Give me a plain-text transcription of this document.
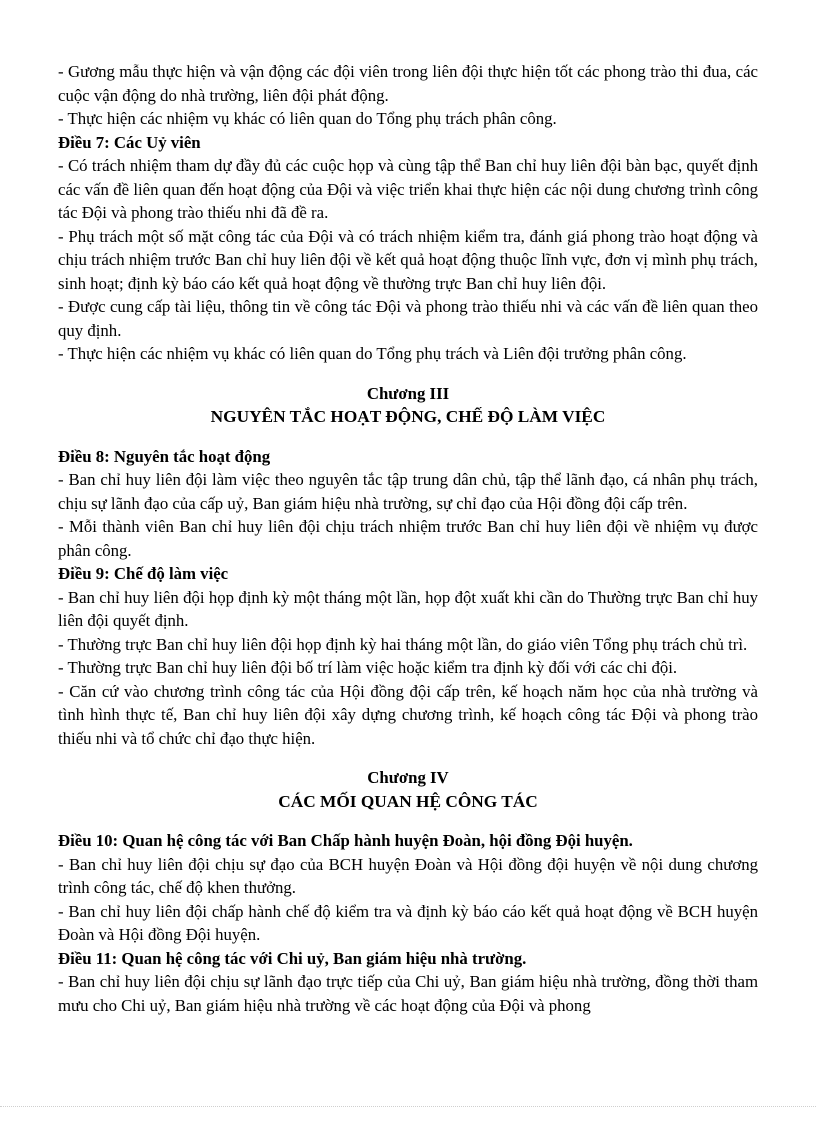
- Gương mẫu thực hiện và vận động các đội viên trong liên đội thực hiện tốt các phong trào thi đua, các cuộc vận động do nhà trường, liên đội phát động.

- Thực hiện các nhiệm vụ khác có liên quan do Tổng phụ trách phân công.

Điều 7: Các Uỷ viên

- Có trách nhiệm tham dự đầy đủ các cuộc họp và cùng tập thể Ban chỉ huy liên đội bàn bạc, quyết định các vấn đề liên quan đến hoạt động của Đội và việc triển khai thực hiện các nội dung chương trình công tác Đội và phong trào thiếu nhi đã đề ra.

- Phụ trách một số mặt công tác của Đội và có trách nhiệm kiểm tra, đánh giá phong trào hoạt động và chịu trách nhiệm trước Ban chỉ huy liên đội về kết quả hoạt động thuộc lĩnh vực, đơn vị mình phụ trách, sinh hoạt; định kỳ báo cáo kết quả hoạt động về thường trực Ban chỉ huy liên đội.

- Được cung cấp tài liệu, thông tin về công tác Đội và phong trào thiếu nhi và các vấn đề liên quan theo quy định.

- Thực hiện các nhiệm vụ khác có liên quan do Tổng phụ trách và Liên đội trưởng phân công.

Chương III

NGUYÊN TẮC HOẠT ĐỘNG, CHẾ ĐỘ LÀM VIỆC

Điều 8: Nguyên tắc hoạt động

- Ban chỉ huy liên đội làm việc theo nguyên tắc tập trung dân chủ, tập thể lãnh đạo, cá nhân phụ trách, chịu sự lãnh đạo của cấp uỷ, Ban giám hiệu nhà trường, sự chỉ đạo của Hội đồng đội cấp trên.

- Mỗi thành viên Ban chỉ huy liên đội chịu trách nhiệm trước Ban chỉ huy liên đội về nhiệm vụ được phân công.

Điều 9: Chế độ làm việc

- Ban chỉ huy liên đội họp định kỳ một tháng một lần, họp đột xuất khi cần do Thường trực Ban chỉ huy liên đội quyết định.

- Thường trực Ban chỉ huy liên đội họp định kỳ hai tháng một lần, do giáo viên Tổng phụ trách chủ trì.

- Thường trực Ban chỉ huy liên đội bố trí làm việc hoặc kiểm tra định kỳ đối với các chi đội.

- Căn cứ vào chương trình công tác của Hội đồng đội cấp trên, kế hoạch năm học của nhà trường và tình hình thực tế, Ban chỉ huy liên đội xây dựng chương trình, kế hoạch công tác Đội và phong trào thiếu nhi và tổ chức chỉ đạo thực hiện.

Chương IV

CÁC MỐI QUAN HỆ CÔNG TÁC

Điều 10: Quan hệ công tác với Ban Chấp hành huyện Đoàn, hội đồng Đội huyện.

- Ban chỉ huy liên đội chịu sự đạo của BCH huyện Đoàn và Hội đồng đội huyện về nội dung chương trình công tác, chế độ khen thưởng.

- Ban chỉ huy liên đội chấp hành chế độ kiểm tra và định kỳ báo cáo kết quả hoạt động về BCH huyện Đoàn và Hội đồng Đội huyện.

Điều 11: Quan hệ công tác với Chi uỷ, Ban giám hiệu nhà trường.

- Ban chỉ huy liên đội chịu sự lãnh đạo trực tiếp của Chi uỷ, Ban giám hiệu nhà trường, đồng thời tham mưu cho Chi uỷ, Ban giám hiệu nhà trường về các hoạt động của Đội và phong
